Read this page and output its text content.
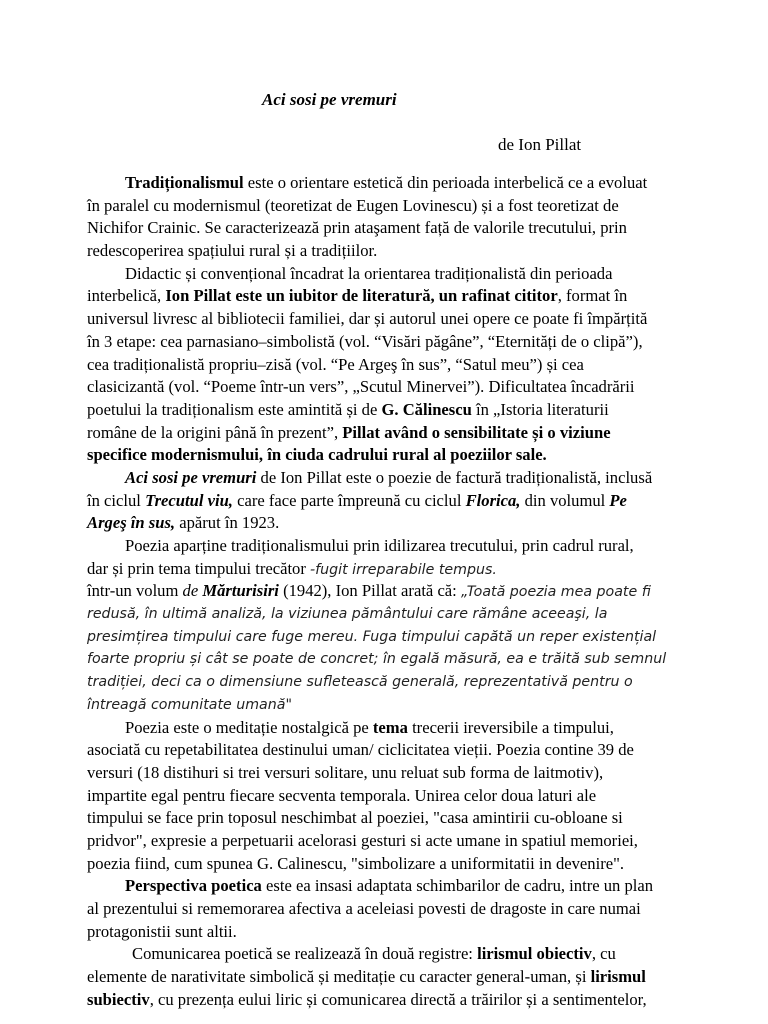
Aci sosi pe vremuri
de Ion Pillat
Tradiționalismul este o orientare estetică din perioada interbelică ce a evoluat
în paralel cu modernismul (teoretizat de Eugen Lovinescu) și a fost teoretizat de
Nichifor Crainic. Se caracterizează prin ataşament față de valorile trecutului, prin
redescoperirea spațiului rural și a tradițiilor.
Didactic și convențional încadrat la orientarea tradiționalistă din perioada
interbelică, Ion Pillat este un iubitor de literatură, un rafinat cititor, format în
universul livresc al bibliotecii familiei, dar și autorul unei opere ce poate fi împărțită
în 3 etape: cea parnasiano–simbolistă (vol. “Visări păgâne”, “Eternități de o clipă”),
cea tradiționalistă propriu–zisă (vol. “Pe Argeş în sus”, “Satul meu”) și cea
clasicizantă (vol. “Poeme într-un vers”, „Scutul Minervei”). Dificultatea încadrării
poetului la tradiționalism este amintită și de G. Călinescu în „Istoria literaturii
române de la origini până în prezent”, Pillat având o sensibilitate și o viziune
specifice modernismului, în ciuda cadrului rural al poeziilor sale.
Aci sosi pe vremuri de Ion Pillat este o poezie de factură tradiționalistă, inclusă
în ciclul Trecutul viu, care face parte împreună cu ciclul Florica, din volumul Pe
Argeş în sus, apărut în 1923.
Poezia aparține tradiționalismului prin idilizarea trecutului, prin cadrul rural,
dar și prin tema timpului trecător -fugit irreparabile tempus.
într-un volum de Mărturisiri (1942), Ion Pillat arată că: „Toată poezia mea poate fi
redusă, în ultimă analiză, la viziunea pământului care rămâne aceeaşi, la
presimțirea timpului care fuge mereu. Fuga timpului capătă un reper existențial
foarte propriu și cât se poate de concret; în egală măsură, ea e trăită sub semnul
tradiției, deci ca o dimensiune sufletească generală, reprezentativă pentru o
întreagă comunitate umană"
Poezia este o meditație nostalgică pe tema trecerii ireversibile a timpului,
asociată cu repetabilitatea destinului uman/ ciclicitatea vieții. Poezia contine 39 de
versuri (18 distihuri si trei versuri solitare, unu reluat sub forma de laitmotiv),
impartite egal pentru fiecare secventa temporala. Unirea celor doua laturi ale
timpului se face prin toposul neschimbat al poeziei, "casa amintirii cu-obloane si
pridvor", expresie a perpetuarii acelorasi gesturi si acte umane in spatiul memoriei,
poezia fiind, cum spunea G. Calinescu, "simbolizare a uniformitatii in devenire".
Perspectiva poetica este ea insasi adaptata schimbarilor de cadru, intre un plan
al prezentului si rememorarea afectiva a aceleiasi povesti de dragoste in care numai
protagonistii sunt altii.
Comunicarea poetică se realizează în două registre: lirismul obiectiv, cu
elemente de narativitate simbolică și meditație cu caracter general-uman, și lirismul
subiectiv, cu prezența eului liric și comunicarea directă a trăirilor și a sentimentelor,
